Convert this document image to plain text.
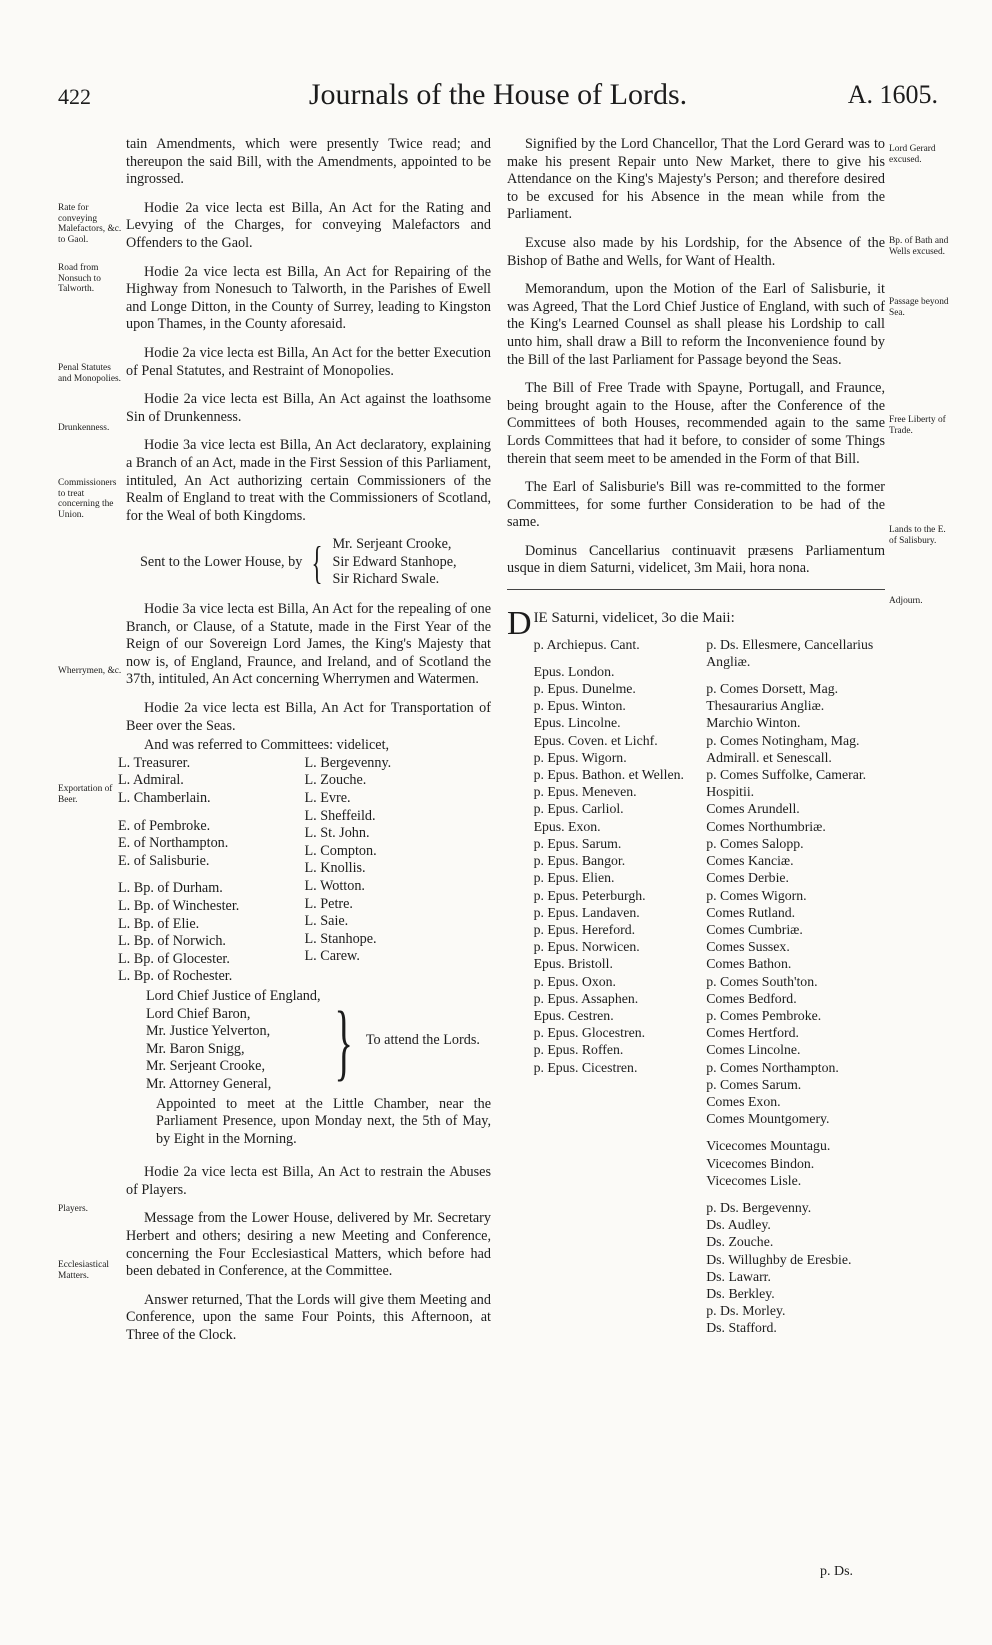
422	Journals of the House of Lords.	A. 1605.
Rate for conveying Malefactors, &c. to Gaol.
Road from Nonsuch to Talworth.
Penal Statutes and Monopolies.
Drunkenness.
Commissioners to treat concerning the Union.
Wherrymen, &c.
Exportation of Beer.
Players.
Ecclesiastical Matters.
Lord Gerard excused.
Bp. of Bath and Wells excused.
Passage beyond Sea.
Free Liberty of Trade.
Lands to the E. of Salisbury.
Adjourn.

tain Amendments, which were presently Twice read; and thereupon the said Bill, with the Amendments, appointed to be ingrossed.

Hodie 2a vice lecta est Billa, An Act for the Rating and Levying of the Charges, for conveying Malefactors and Offenders to the Gaol.

Hodie 2a vice lecta est Billa, An Act for Repairing of the Highway from Nonesuch to Talworth, in the Parishes of Ewell and Longe Ditton, in the County of Surrey, leading to Kingston upon Thames, in the County aforesaid.

Hodie 2a vice lecta est Billa, An Act for the better Execution of Penal Statutes, and Restraint of Monopolies.

Hodie 2a vice lecta est Billa, An Act against the loathsome Sin of Drunkenness.

Hodie 3a vice lecta est Billa, An Act declaratory, explaining a Branch of an Act, made in the First Session of this Parliament, intituled, An Act authorizing certain Commissioners of the Realm of England to treat with the Commissioners of Scotland, for the Weal of both Kingdoms.

Sent to the Lower House, by { Mr. Serjeant Crooke,
Sir Edward Stanhope,
Sir Richard Swale.

Hodie 3a vice lecta est Billa, An Act for the repealing of one Branch, or Clause, of a Statute, made in the First Year of the Reign of our Sovereign Lord James, the King's Majesty that now is, of England, Fraunce, and Ireland, and of Scotland the 37th, intituled, An Act concerning Wherrymen and Watermen.

Hodie 2a vice lecta est Billa, An Act for Transportation of Beer over the Seas.

And was referred to Committees: videlicet,
L. Treasurer.
L. Admiral.
L. Chamberlain.
E. of Pembroke.
E. of Northampton.
E. of Salisburie.
L. Bp. of Durham.
L. Bp. of Winchester.
L. Bp. of Elie.
L. Bp. of Norwich.
L. Bp. of Glocester.
L. Bp. of Rochester.
L. Bergevenny.
L. Zouche.
L. Evre.
L. Sheffeild.
L. St. John.
L. Compton.
L. Knollis.
L. Wotton.
L. Petre.
L. Saie.
L. Stanhope.
L. Carew.
Lord Chief Justice of England,
Lord Chief Baron,
Mr. Justice Yelverton,
Mr. Baron Snigg,
Mr. Serjeant Crooke,
Mr. Attorney General, } To attend the Lords.

Appointed to meet at the Little Chamber, near the Parliament Presence, upon Monday next, the 5th of May, by Eight in the Morning.

Hodie 2a vice lecta est Billa, An Act to restrain the Abuses of Players.

Message from the Lower House, delivered by Mr. Secretary Herbert and others; desiring a new Meeting and Conference, concerning the Four Ecclesiastical Matters, which before had been debated in Conference, at the Committee.

Answer returned, That the Lords will give them Meeting and Conference, upon the same Four Points, this Afternoon, at Three of the Clock.

Signified by the Lord Chancellor, That the Lord Gerard was to make his present Repair unto New Market, there to give his Attendance on the King's Majesty's Person; and therefore desired to be excused for his Absence in the mean while from the Parliament.

Excuse also made by his Lordship, for the Absence of the Bishop of Bathe and Wells, for Want of Health.

Memorandum, upon the Motion of the Earl of Salisburie, it was Agreed, That the Lord Chief Justice of England, with such of the King's Learned Counsel as shall please his Lordship to call unto him, shall draw a Bill to reform the Inconvenience found by the Bill of the last Parliament for Passage beyond the Seas.

The Bill of Free Trade with Spayne, Portugall, and Fraunce, being brought again to the House, after the Conference of the Committees of both Houses, recommended again to the same Lords Committees that had it before, to consider of some Things therein that seem meet to be amended in the Form of that Bill.

The Earl of Salisburie's Bill was re-committed to the former Committees, for some further Consideration to be had of the same.

Dominus Cancellarius continuavit præsens Parliamentum usque in diem Saturni, videlicet, 3m Maii, hora nona.

D IE Saturni, videlicet, 3o die Maii:
p. Archiepus. Cant.
Epus. London.
p. Epus. Dunelme.
p. Epus. Winton.
Epus. Lincolne.
Epus. Coven. et Lichf.
p. Epus. Wigorn.
p. Epus. Bathon. et Wellen.
p. Epus. Meneven.
p. Epus. Carliol.
Epus. Exon.
p. Epus. Sarum.
p. Epus. Bangor.
p. Epus. Elien.
p. Epus. Peterburgh.
p. Epus. Landaven.
p. Epus. Hereford.
p. Epus. Norwicen.
Epus. Bristoll.
p. Epus. Oxon.
p. Epus. Assaphen.
Epus. Cestren.
p. Epus. Glocestren.
p. Epus. Roffen.
p. Epus. Cicestren.
p. Ds. Ellesmere, Cancellarius Angliæ.
p. Comes Dorsett, Mag. Thesaurarius Angliæ.
Marchio Winton.
p. Comes Notingham, Mag. Admirall. et Senescall.
p. Comes Suffolke, Camerar. Hospitii.
Comes Arundell.
Comes Northumbriæ.
p. Comes Salopp.
Comes Kanciæ.
Comes Derbie.
p. Comes Wigorn.
Comes Rutland.
Comes Cumbriæ.
Comes Sussex.
Comes Bathon.
p. Comes South'ton.
Comes Bedford.
p. Comes Pembroke.
Comes Hertford.
Comes Lincolne.
p. Comes Northampton.
p. Comes Sarum.
Comes Exon.
Comes Mountgomery.
Vicecomes Mountagu.
Vicecomes Bindon.
Vicecomes Lisle.
p. Ds. Bergevenny.
Ds. Audley.
Ds. Zouche.
Ds. Willughby de Eresbie.
Ds. Lawarr.
Ds. Berkley.
p. Ds. Morley.
Ds. Stafford.
p. Ds.
